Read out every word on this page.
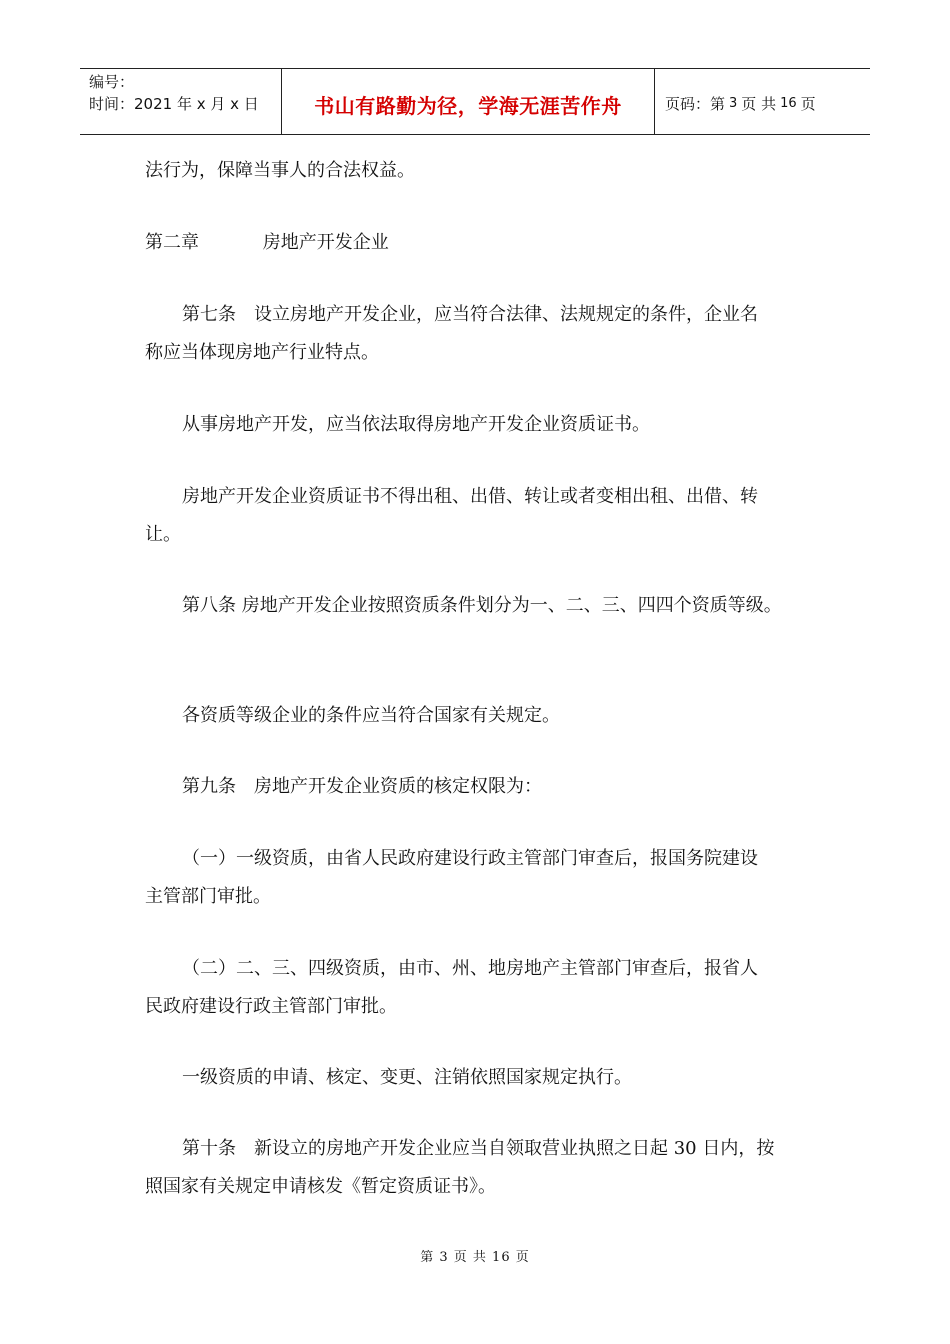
编号：
时间：2021 年 x 月 x 日	书山有路勤为径，学海无涯苦作舟	页码：第 3 页 共 16 页
法行为，保障当事人的合法权益。
第二章	房地产开发企业
第七条　设立房地产开发企业，应当符合法律、法规规定的条件，企业名
称应当体现房地产行业特点。
从事房地产开发，应当依法取得房地产开发企业资质证书。
房地产开发企业资质证书不得出租、出借、转让或者变相出租、出借、转
让。
第八条 房地产开发企业按照资质条件划分为一、二、三、四四个资质等级。
各资质等级企业的条件应当符合国家有关规定。
第九条　房地产开发企业资质的核定权限为：
（一）一级资质，由省人民政府建设行政主管部门审查后，报国务院建设
主管部门审批。
（二）二、三、四级资质，由市、州、地房地产主管部门审查后，报省人
民政府建设行政主管部门审批。
一级资质的申请、核定、变更、注销依照国家规定执行。
第十条　新设立的房地产开发企业应当自领取营业执照之日起 30 日内，按
照国家有关规定申请核发《暂定资质证书》。
第 3 页 共 16 页
